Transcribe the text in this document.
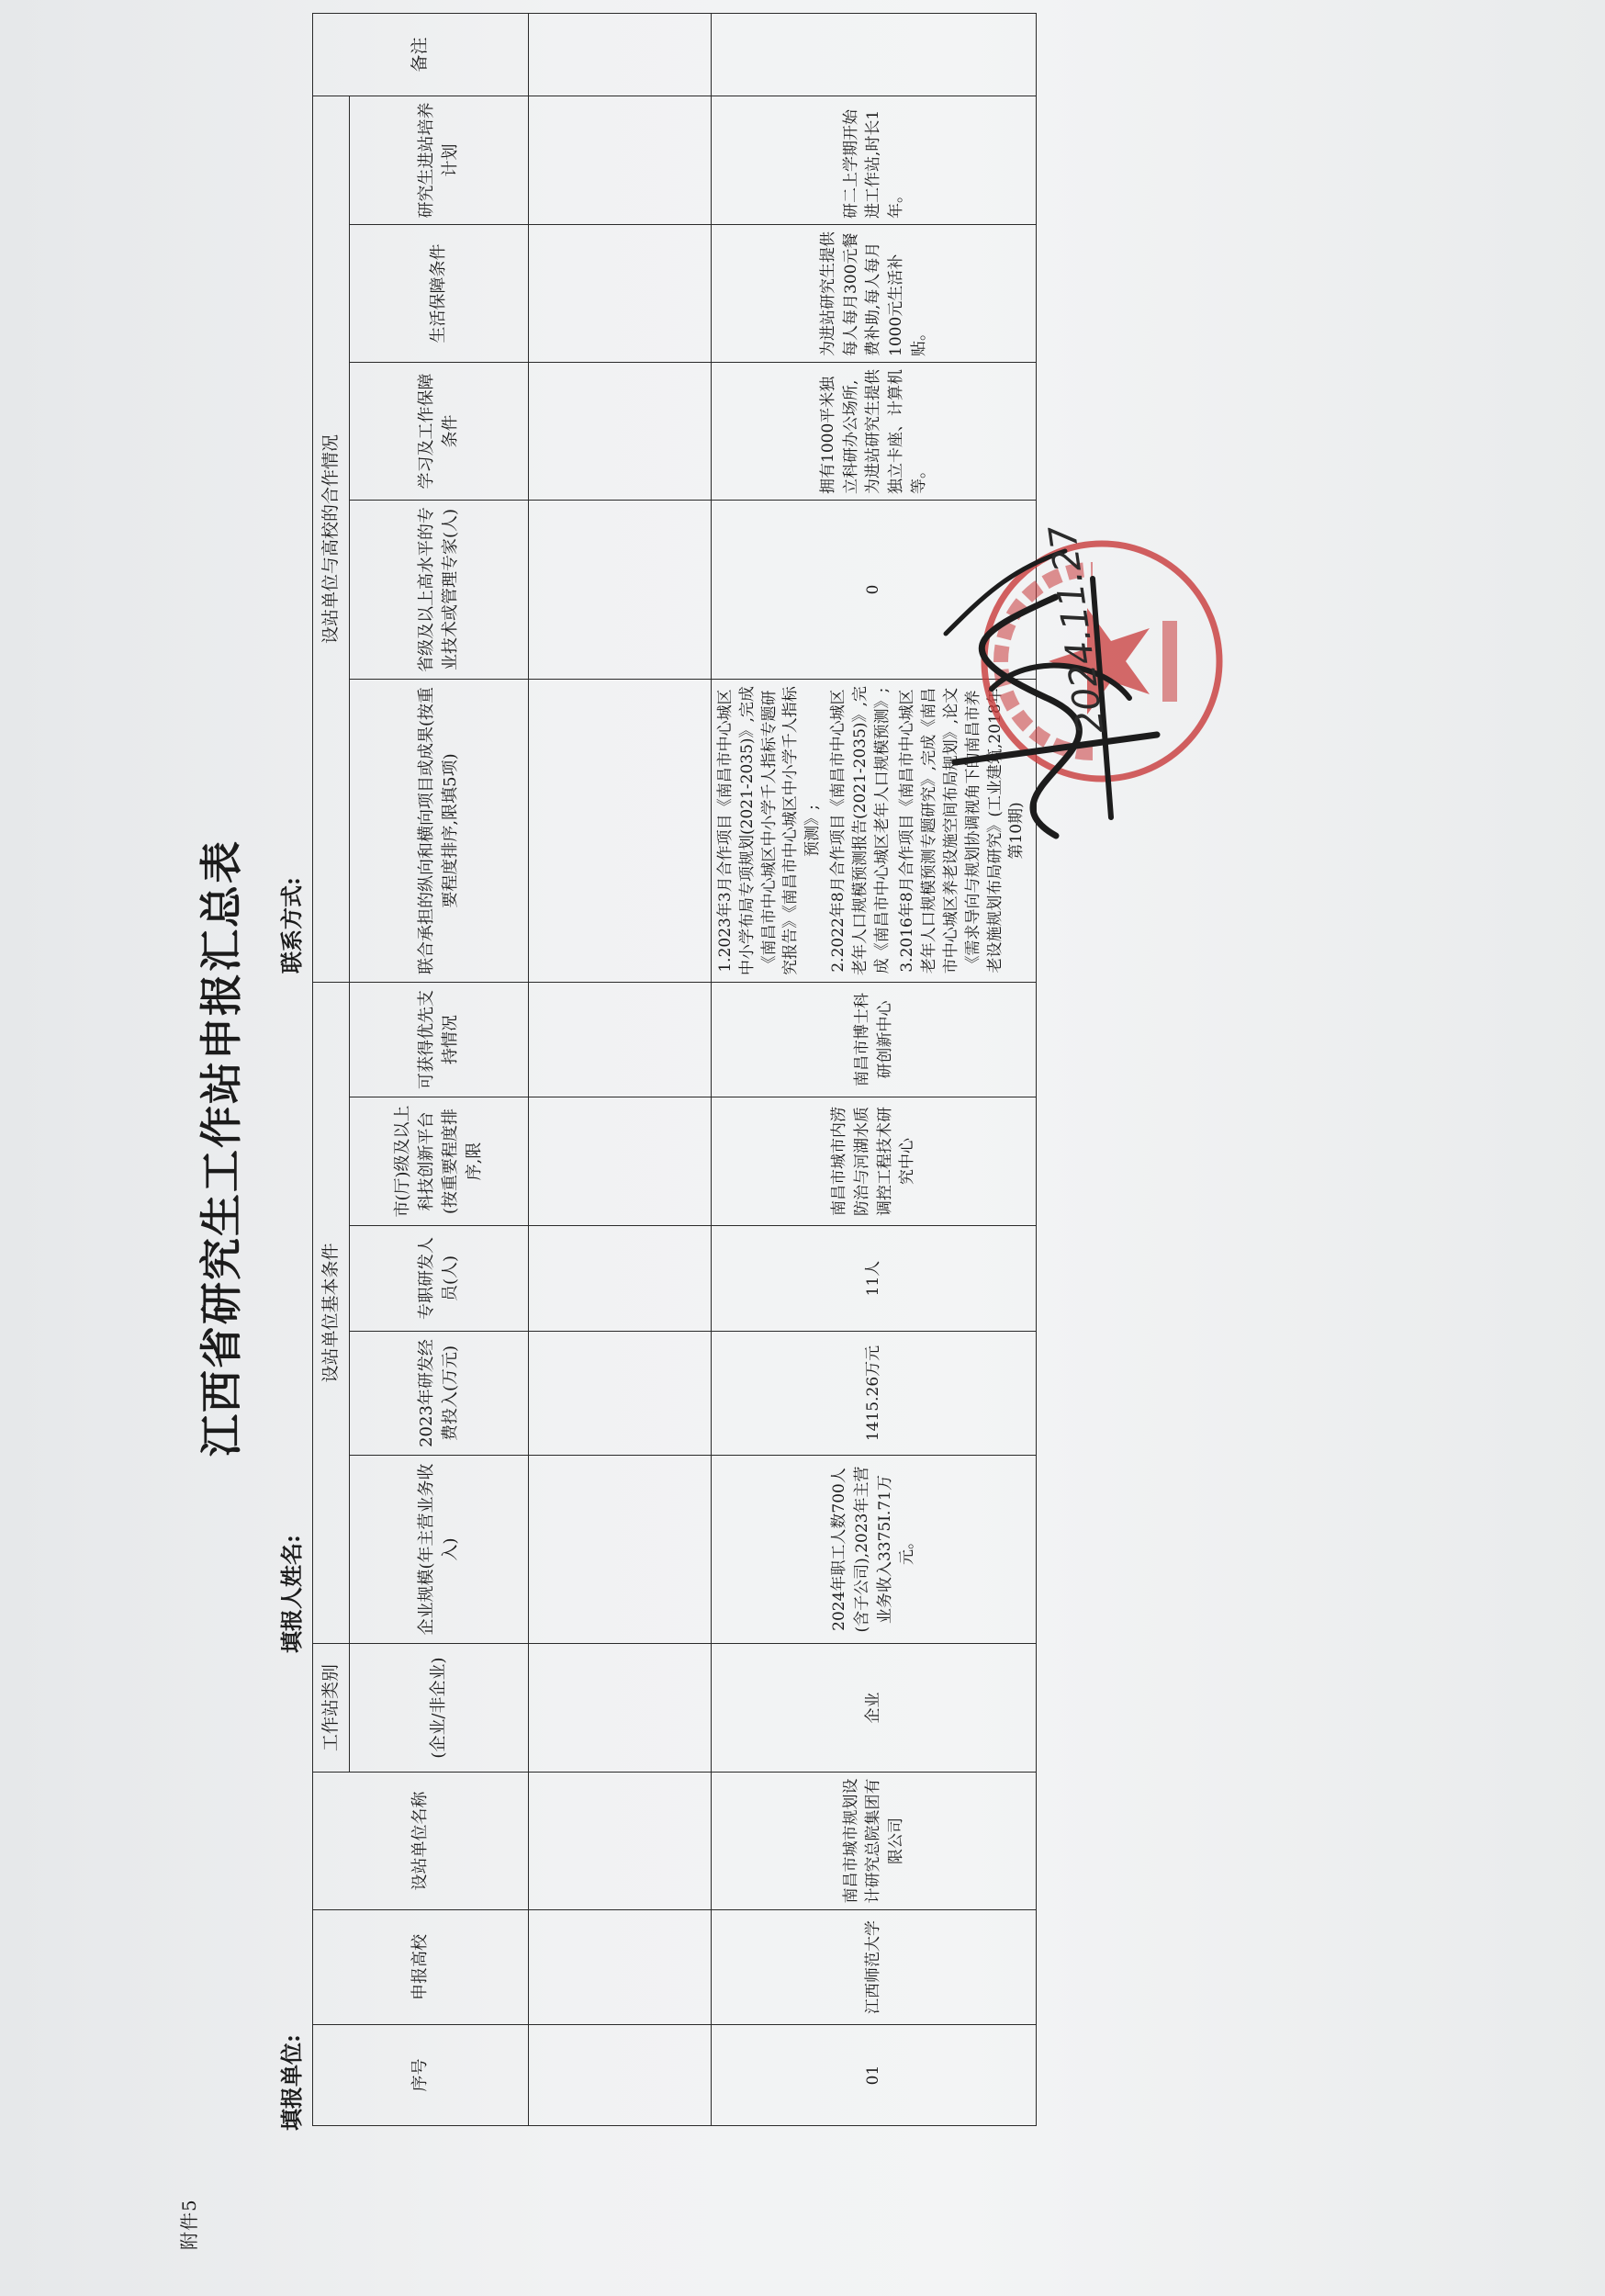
附件5
江西省研究生工作站申报汇总表
填报单位:
填报人姓名:
联系方式:
序号	申报高校	设站单位名称	工作站类别	设站单位基本条件					设站单位与高校的合作情况					备注
			(企业/非企业)	企业规模(年主营业务收入)	2023年研发经费投入(万元)	专职研发人员(人)	市(厅)级及以上科技创新平台(按重要程度排序,限	可获得优先支持情况	联合承担的纵向和横向项目或成果(按重要程度排序,限填5项)	省级及以上高水平的专业技术或管理专家(人)	学习及工作保障条件	生活保障条件	研究生进站培养计划	

01	江西师范大学	南昌市城市规划设计研究总院集团有限公司	企业	2024年职工人数700人(含子公司),2023年主营业务收入3375I.71万元。	1415.26万元	11人	南昌市城市内涝防治与河湖水质调控工程技术研究中心	南昌市博士科研创新中心	1.2023年3月合作项目《南昌市中心城区中小学布局专项规划(2021-2035)》,完成《南昌市中心城区中小学千人指标专题研究报告》《南昌市中心城区中小学千人指标预测》; 2.2022年8月合作项目《南昌市中心城区老年人口规模预测报告(2021-2035)》,完成《南昌市中心城区老年人口规模预测》; 3.2016年8月合作项目《南昌市中心城区老年人口规模预测专题研究》,完成《南昌市中心城区养老设施空间布局规划》,论文《需求导向与规划协调视角下的南昌市养老设施规划布局研究》(工业建筑,2018年第10期)	0	拥有1000平米独立科研办公场所,为进站研究生提供独立卡座、计算机等。	为进站研究生提供每人每月300元餐费补助,每人每月1000元生活补贴。	研二上学期开始进工作站,时长1年。	
2024.11.27
